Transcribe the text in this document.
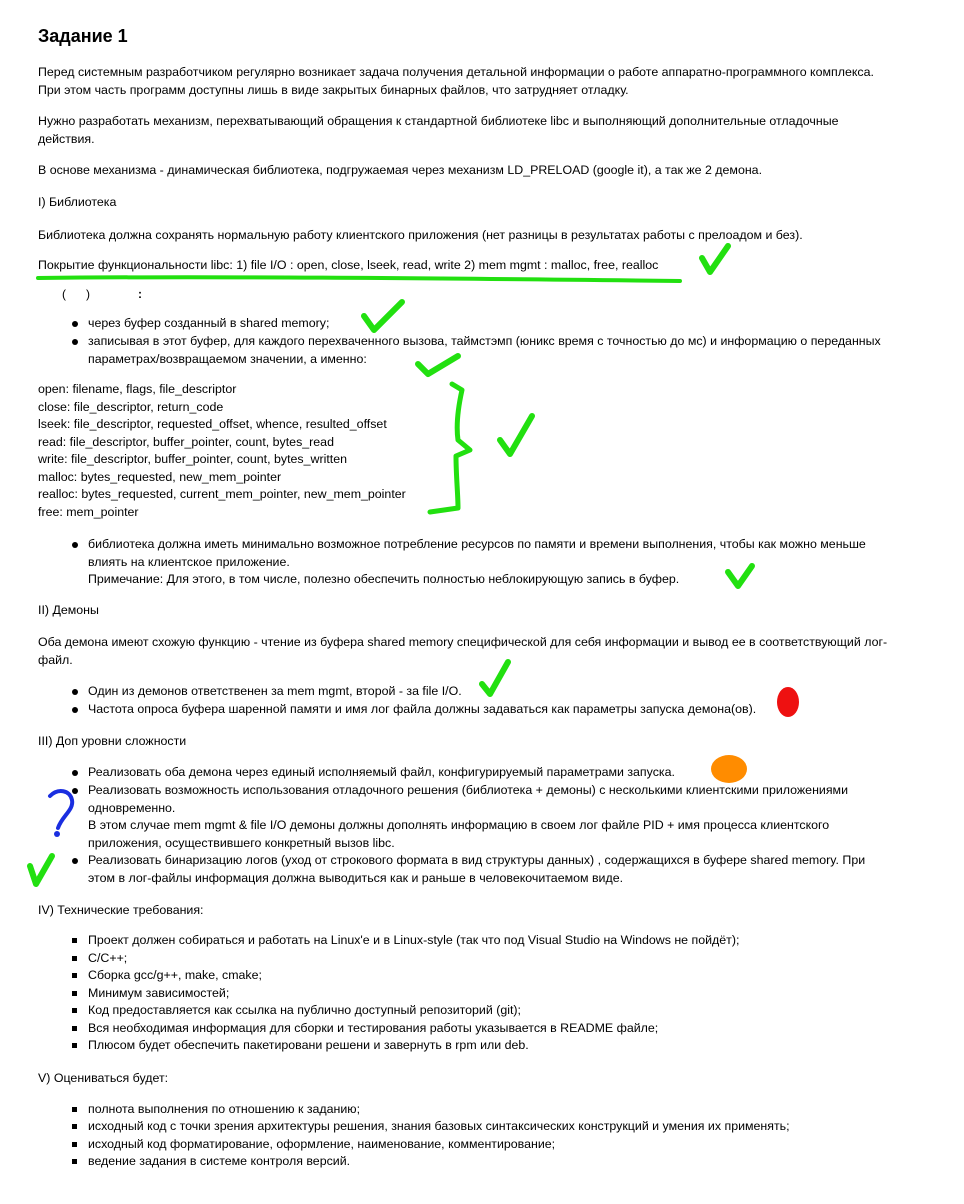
Задание 1

Перед системным разработчиком регулярно возникает задача получения детальной информации о работе аппаратно-программного комплекса.
При этом часть программ доступны лишь в виде закрытых бинарных файлов, что затрудняет отладку.

Нужно разработать механизм, перехватывающий обращения к стандартной библиотеке libc и выполняющий дополнительные отладочные
действия.

В основе механизма - динамическая библиотека, подгружаемая через механизм LD_PRELOAD (google it), а так же 2 демона.

I) Библиотека

Библиотека должна сохранять нормальную работу клиентского приложения (нет разницы в результатах работы с прелоадом и без).

Покрытие функциональности libc: 1) file I/O : open, close, lseek, read, write 2) mem mgmt : malloc, free, realloc

( )	:

через буфер созданный в shared memory;

записывая в этот буфер, для каждого перехваченного вызова, таймстэмп (юникс время с точностью до мс) и информацию о переданных
параметрах/возвращаемом значении, а именно:

open: filename, flags, file_descriptor
close: file_descriptor, return_code
lseek: file_descriptor, requested_offset, whence, resulted_offset
read: file_descriptor, buffer_pointer, count, bytes_read
write: file_descriptor, buffer_pointer, count, bytes_written
malloc: bytes_requested, new_mem_pointer
realloc: bytes_requested, current_mem_pointer, new_mem_pointer
free: mem_pointer

библиотека должна иметь минимально возможное потребление ресурсов по памяти и времени выполнения, чтобы как можно меньше
влиять на клиентское приложение.
Примечание: Для этого, в том числе, полезно обеспечить полностью неблокирующую запись в буфер.

II) Демоны

Оба демона имеют схожую функцию - чтение из буфера shared memory специфической для себя информации и вывод ее в соответствующий лог-
файл.

Один из демонов ответственен за mem mgmt, второй - за file I/O.

Частота опроса буфера шаренной памяти и имя лог файла должны задаваться как параметры запуска демона(ов).

III) Доп уровни сложности

Реализовать оба демона через единый исполняемый файл, конфигурируемый параметрами запуска.

Реализовать возможность использования отладочного решения (библиотека + демоны) с несколькими клиентскими приложениями
одновременно.
В этом случае mem mgmt & file I/O демоны должны дополнять информацию в своем лог файле PID + имя процесса клиентского
приложения, осуществившего конкретный вызов libc.

Реализовать бинаризацию логов (уход от строкового формата в вид структуры данных) , содержащихся в буфере shared memory. При
этом в лог-файлы информация должна выводиться как и раньше в человекочитаемом виде.

IV) Технические требования:

Проект должен собираться и работать на Linux'е и в Linux-style (так что под Visual Studio на Windows не пойдёт);

C/C++;

Сборка gcc/g++, make, cmake;

Минимум зависимостей;

Код предоставляется как ссылка на публично доступный репозиторий (git);

Вся необходимая информация для сборки и тестирования работы указывается в README файле;

Плюсом будет обеспечить пакетировани решени и завернуть в rpm или deb.

V) Оцениваться будет:

полнота выполнения по отношению к заданию;

исходный код с точки зрения архитектуры решения, знания базовых синтаксических конструкций и умения их применять;

исходный код форматирование, оформление, наименование, комментирование;

ведение задания в системе контроля версий.
